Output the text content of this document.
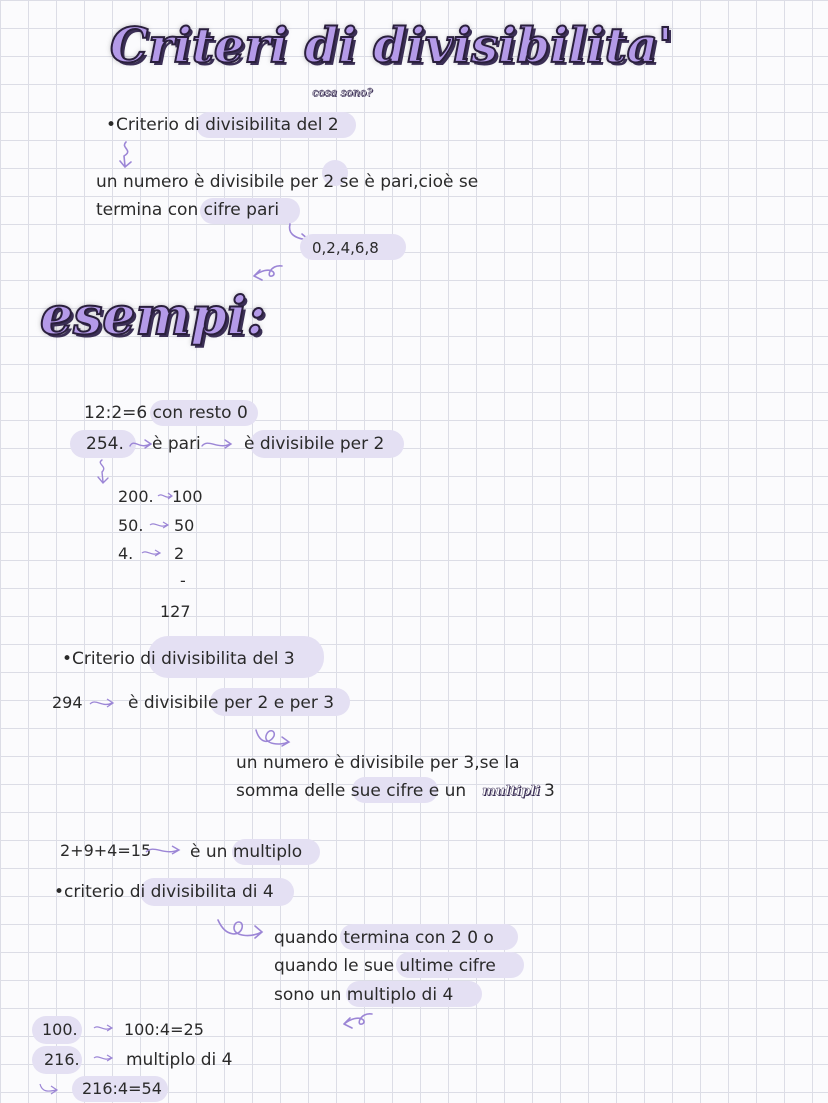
Criteri di divisibilita'
cosa sono?
•Criterio di divisibilita del 2
un numero è divisibile per 2 se è pari,cioè se
termina con cifre pari
0,2,4,6,8
esempi:
12:2=6 con resto 0
254. è pari	è divisibile per 2
200. 100
50. 50
4.	2
-
127
•Criterio di divisibilita del 3
294	è divisibile per 2 e per 3
un numero è divisibile per 3,se la
somma delle sue cifre e un multipli 3
2+9+4=15 è un multiplo
•criterio di divisibilita di 4
quando termina con 2 0 o
quando le sue ultime cifre
sono un multiplo di 4
100.	100:4=25
216.	multiplo di 4
216:4=54
